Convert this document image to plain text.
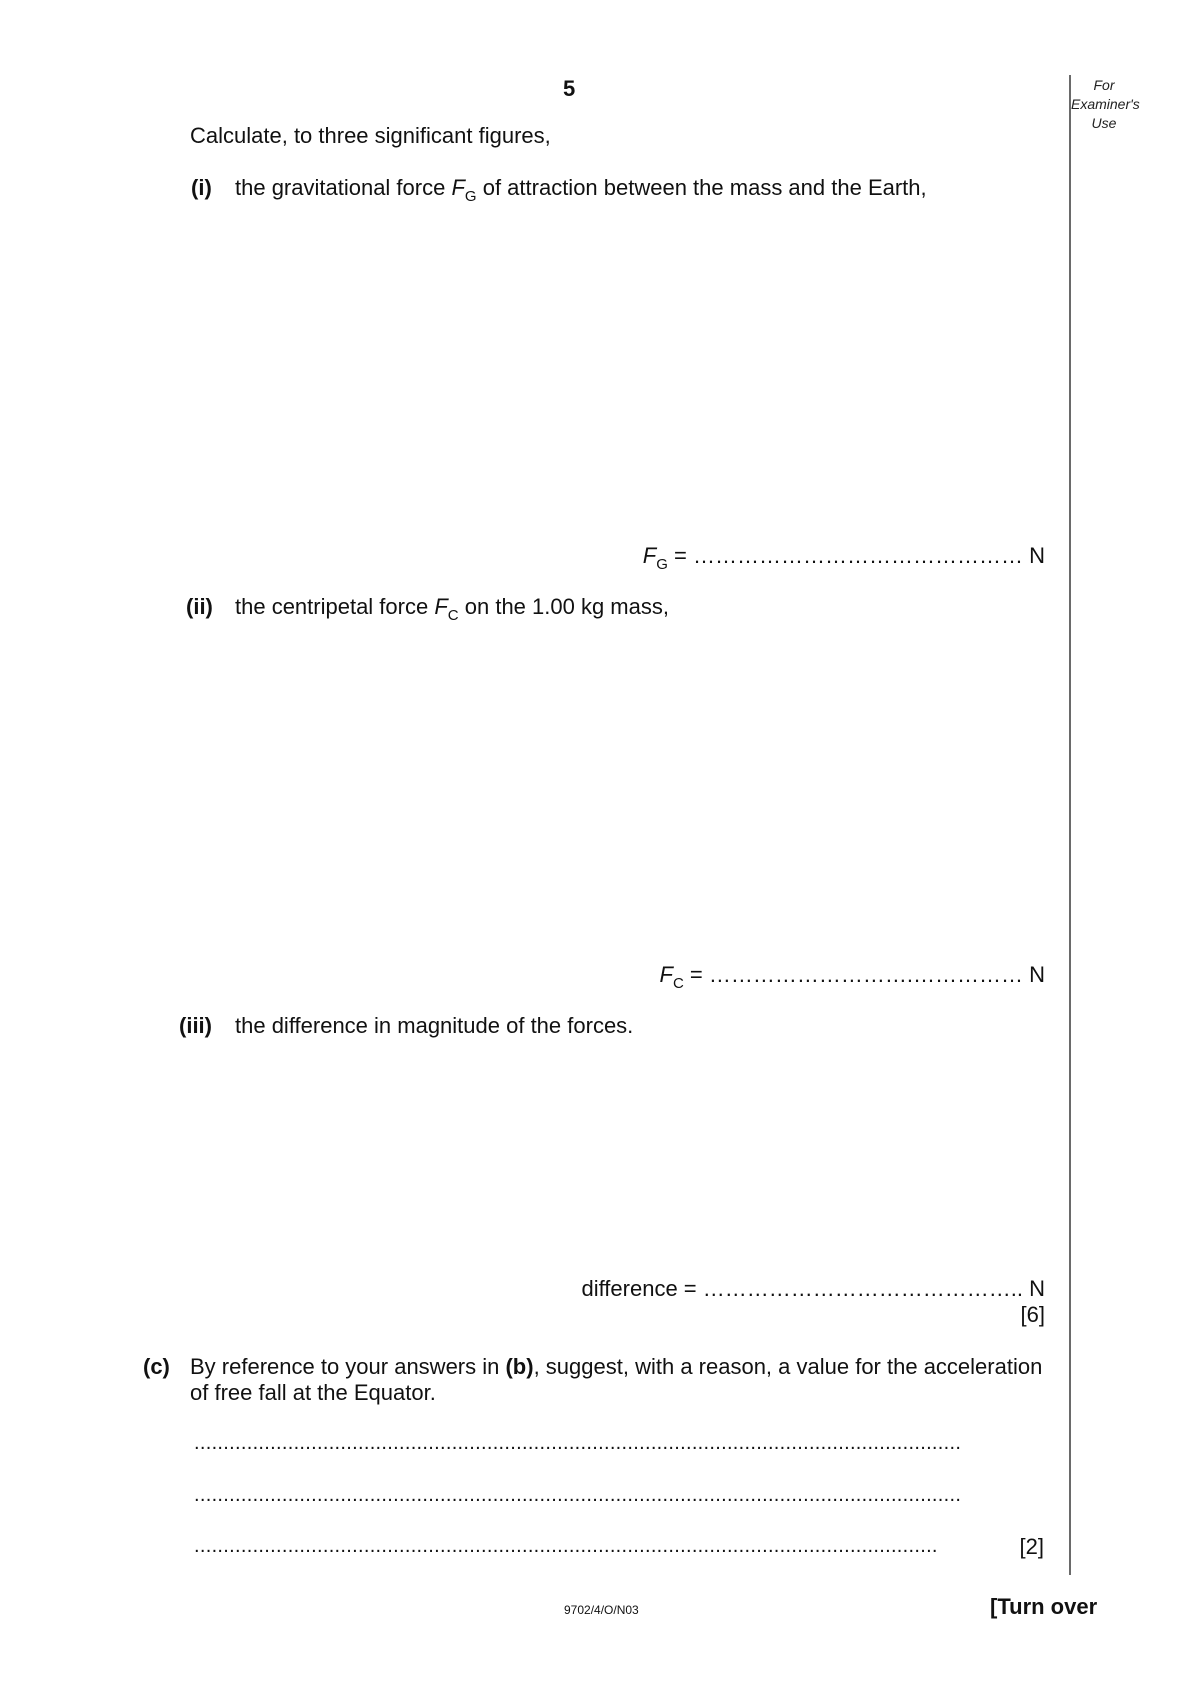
5	For
Examiner's
Use
Calculate, to three significant figures,
(i) the gravitational force $F_G$ of attraction between the mass and the Earth,
$F_G$ = ……………………………………… N
(ii) the centripetal force $F_C$ on the 1.00 kg mass,
$F_C$ = ……………………….…………… N
(iii) the difference in magnitude of the forces.
difference = …………………………………….. N
[6]
(c) By reference to your answers in (b), suggest, with a reason, a value for the acceleration
of free fall at the Equator.
...................................................................................................................................
...................................................................................................................................
...............................................................................................................................	[2]
9702/4/O/N03	[Turn over
